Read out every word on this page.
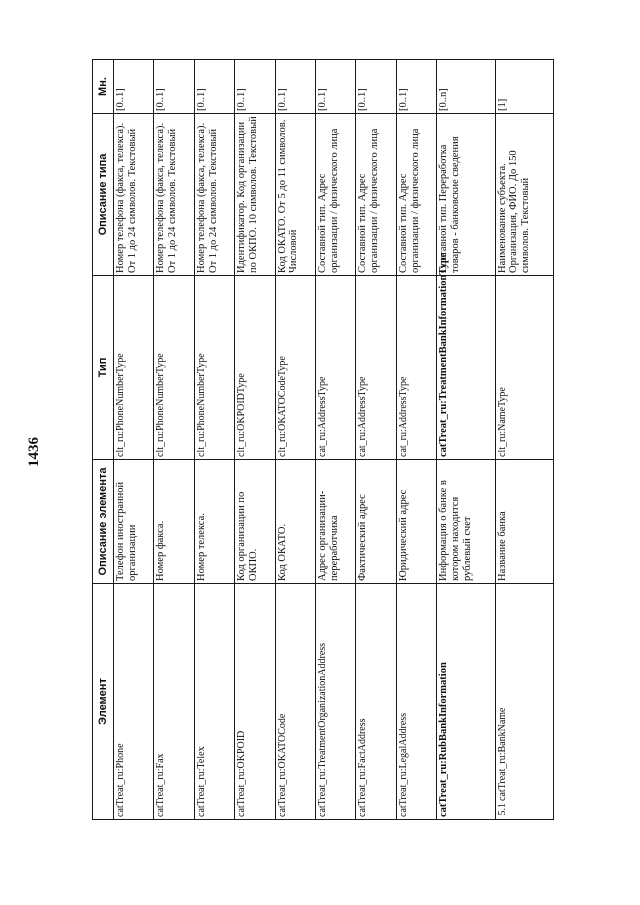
1436
Элемент	Описание элемента	Тип	Описание типа	Мн.
catTreat_ru:Phone	Телефон иностранной организации	clt_ru:PhoneNumberType	Номер телефона (факса, телекса). От 1 до 24 символов. Текстовый	[0..1]
catTreat_ru:Fax	Номер факса.	clt_ru:PhoneNumberType	Номер телефона (факса, телекса). От 1 до 24 символов. Текстовый	[0..1]
catTreat_ru:Telex	Номер телекса.	clt_ru:PhoneNumberType	Номер телефона (факса, телекса). От 1 до 24 символов. Текстовый	[0..1]
catTreat_ru:OKPOID	Код организации по ОКПО.	clt_ru:OKPOIDType	Идентификатор. Код организации по ОКПО. 10 символов. Текстовый	[0..1]
catTreat_ru:OKATOCode	Код ОКАТО.	clt_ru:OKATOCodeType	Код ОКАТО. От 5 до 11 символов. Числовой	[0..1]
catTreat_ru:TreatmentOrganizationAddress	Адрес организации-переработчика	cat_ru:AddressType	Составной тип. Адрес организации / физического лица	[0..1]
catTreat_ru:FactAddress	Фактический адрес	cat_ru:AddressType	Составной тип. Адрес организации / физического лица	[0..1]
catTreat_ru:LegalAddress	Юридический адрес	cat_ru:AddressType	Составной тип. Адрес организации / физического лица	[0..1]
catTreat_ru:RubBankInformation	Информация о банке в котором находится рублевый счет	catTreat_ru:TreatmentBankInformationType	Составной тип. Переработка товаров - банковские сведения	[0..n]
5.1catTreat_ru:BankName	Название банка	clt_ru:NameType	Наименование субъекта. Организация, ФИО. До 150 символов. Текстовый	[1]
